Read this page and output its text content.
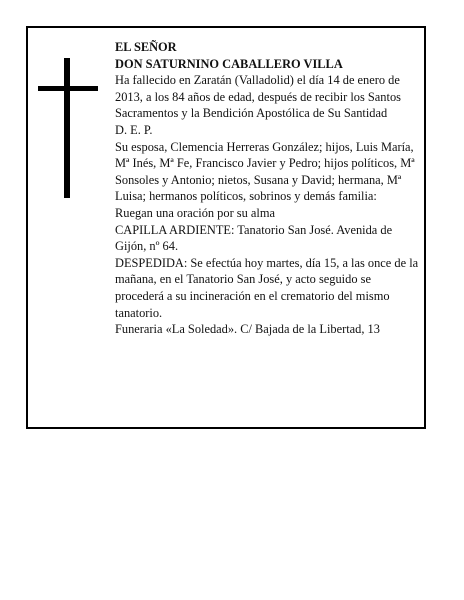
EL SEÑOR

DON SATURNINO CABALLERO VILLA

Ha fallecido en Zaratán (Valladolid) el día 14 de enero de 2013, a los 84 años de edad, después de recibir los Santos Sacramentos y la Bendición Apostólica de Su Santidad

D. E. P.

Su esposa, Clemencia Herreras González; hijos, Luis María, Mª Inés, Mª Fe, Francisco Javier y Pedro; hijos políticos, Mª Sonsoles y Antonio; nietos, Susana y David; hermana, Mª Luisa; hermanos políticos, sobrinos y demás familia:

Ruegan una oración por su alma

CAPILLA ARDIENTE: Tanatorio San José. Avenida de Gijón, nº 64.

DESPEDIDA: Se efectúa hoy martes, día 15, a las once de la mañana, en el Tanatorio San José, y acto seguido se procederá a su incineración en el crematorio del mismo tanatorio.

Funeraria «La Soledad». C/ Bajada de la Libertad, 13
